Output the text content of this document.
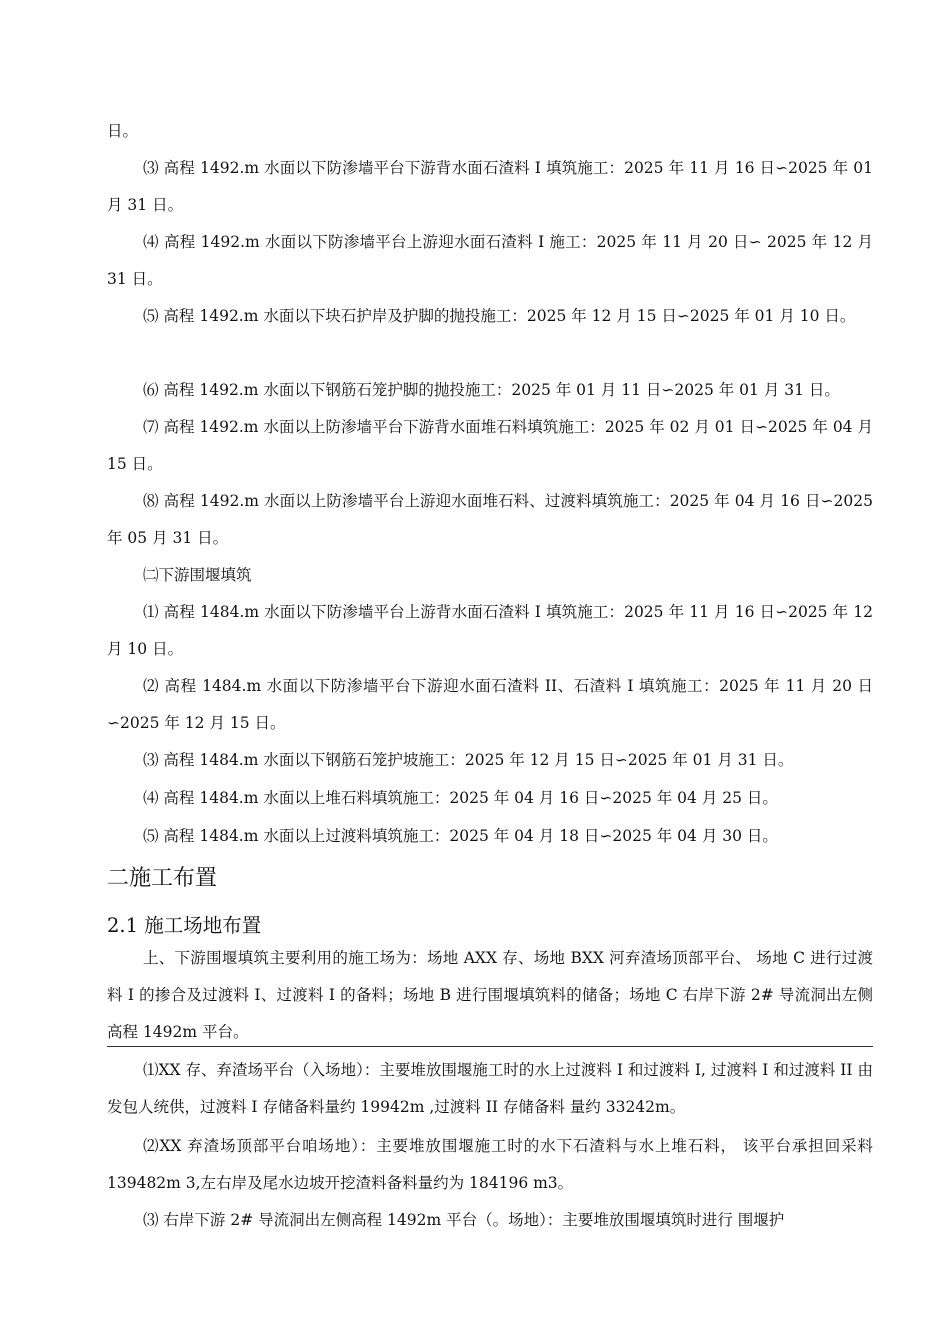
日。

⑶ 高程 1492.m 水面以下防渗墙平台下游背水面石渣料 I 填筑施工：2025 年 11 月 16 日∽2025 年 01 月 31 日。

⑷ 高程 1492.m 水面以下防渗墙平台上游迎水面石渣料 I 施工：2025 年 11 月 20 日∽ 2025 年 12 月 31 日。

⑸ 高程 1492.m 水面以下块石护岸及护脚的抛投施工：2025 年 12 月 15 日∽2025 年 01 月 10 日。

⑹ 高程 1492.m 水面以下钢筋石笼护脚的抛投施工：2025 年 01 月 11 日∽2025 年 01 月 31 日。

⑺ 高程 1492.m 水面以上防渗墙平台下游背水面堆石料填筑施工：2025 年 02 月 01 日∽2025 年 04 月 15 日。

⑻ 高程 1492.m 水面以上防渗墙平台上游迎水面堆石料、过渡料填筑施工：2025 年 04 月 16 日∽2025 年 05 月 31 日。

㈡下游围堰填筑

⑴ 高程 1484.m 水面以下防渗墙平台上游背水面石渣料 I 填筑施工：2025 年 11 月 16 日∽2025 年 12 月 10 日。

⑵ 高程 1484.m 水面以下防渗墙平台下游迎水面石渣料 II、石渣料 I 填筑施工：2025 年 11 月 20 日∽2025 年 12 月 15 日。

⑶ 高程 1484.m 水面以下钢筋石笼护坡施工：2025 年 12 月 15 日∽2025 年 01 月 31 日。

⑷ 高程 1484.m 水面以上堆石料填筑施工：2025 年 04 月 16 日∽2025 年 04 月 25 日。

⑸ 高程 1484.m 水面以上过渡料填筑施工：2025 年 04 月 18 日∽2025 年 04 月 30 日。

二施工布置
2.1 施工场地布置

上、下游围堰填筑主要利用的施工场为：场地 AXX 存、场地 BXX 河弃渣场顶部平台、 场地 C 进行过渡料 I 的掺合及过渡料 I、过渡料 I 的备料；场地 B 进行围堰填筑料的储备；场地 C 右岸下游 2# 导流洞出左侧高程 1492m 平台。

⑴XX 存、弃渣场平台（入场地）：主要堆放围堰施工时的水上过渡料 I 和过渡料 I, 过渡料 I 和过渡料 II 由发包人统供，过渡料 I 存储备料量约 19942m ,过渡料 II 存储备料 量约 33242m。

⑵XX 弃渣场顶部平台咱场地）：主要堆放围堰施工时的水下石渣料与水上堆石料， 该平台承担回采料 139482m 3,左右岸及尾水边坡开挖渣料备料量约为 184196 m3。

⑶ 右岸下游 2# 导流洞出左侧高程 1492m 平台（。场地）：主要堆放围堰填筑时进行 围堰护
